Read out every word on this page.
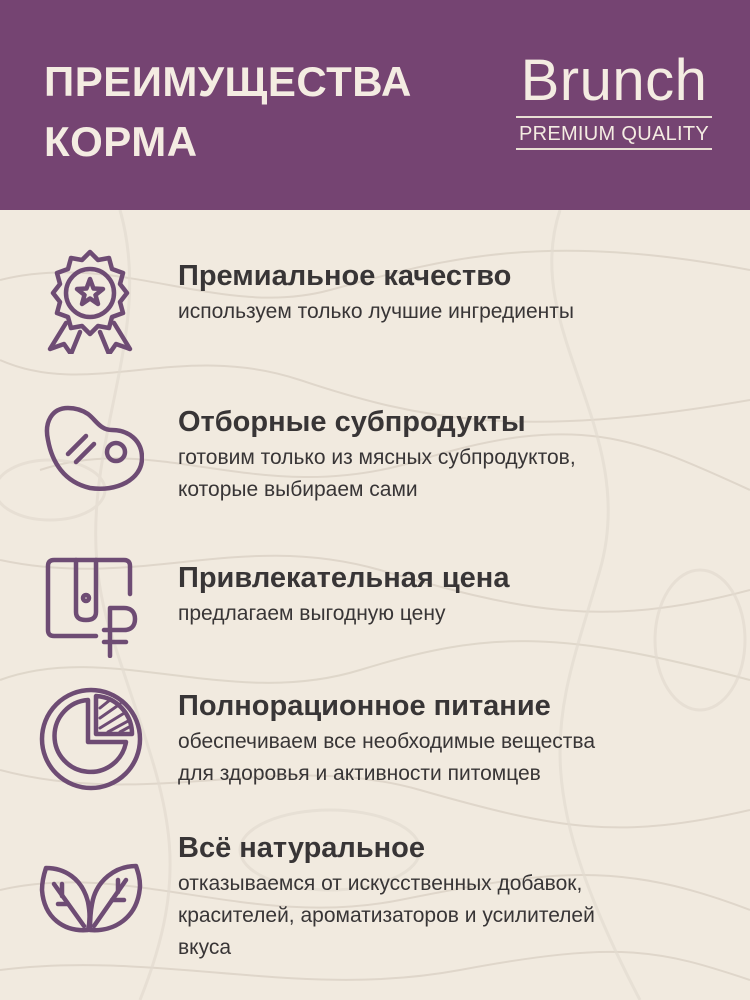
ПРЕИМУЩЕСТВА
КОРМА
Brunch
PREMIUM QUALITY
Премиальное качество
используем только лучшие ингредиенты
Отборные субпродукты
готовим только из мясных субпродуктов,
которые выбираем сами
Привлекательная цена
предлагаем выгодную цену
Полнорационное питание
обеспечиваем все необходимые вещества
для здоровья и активности питомцев
Всё натуральное
отказываемся от искусственных добавок,
красителей, ароматизаторов и усилителей
вкуса
